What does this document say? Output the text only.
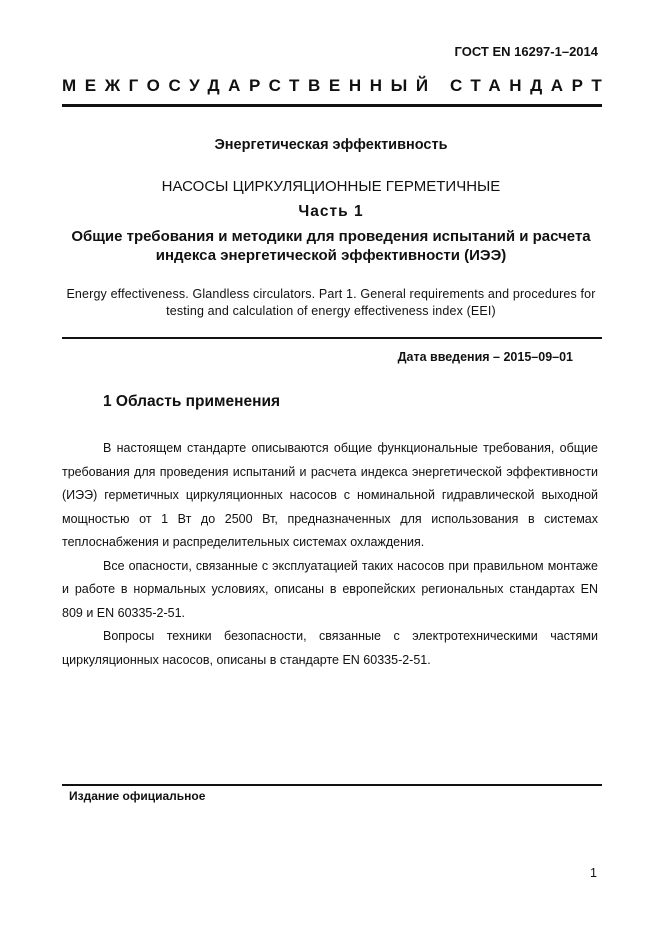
ГОСТ EN 16297-1–2014
МЕЖГОСУДАРСТВЕННЫЙ СТАНДАРТ
Энергетическая эффективность
НАСОСЫ ЦИРКУЛЯЦИОННЫЕ ГЕРМЕТИЧНЫЕ
Часть 1
Общие требования и методики для проведения испытаний и расчета индекса энергетической эффективности (ИЭЭ)
Energy effectiveness. Glandless circulators. Part 1. General requirements and procedures for testing and calculation of energy effectiveness index (EEI)
Дата введения – 2015–09–01
1 Область применения

В настоящем стандарте описываются общие функциональные требования, общие требования для проведения испытаний и расчета индекса энергетической эффективности (ИЭЭ) герметичных циркуляционных насосов с номинальной гидравлической выходной мощностью от 1 Вт до 2500 Вт, предназначенных для использования в системах теплоснабжения и распределительных системах охлаждения.

Все опасности, связанные с эксплуатацией таких насосов при правильном монтаже и работе в нормальных условиях, описаны в европейских региональных стандартах EN 809 и EN 60335-2-51.

Вопросы техники безопасности, связанные с электротехническими частями циркуляционных насосов, описаны в стандарте EN 60335-2-51.

Издание официальное
1
